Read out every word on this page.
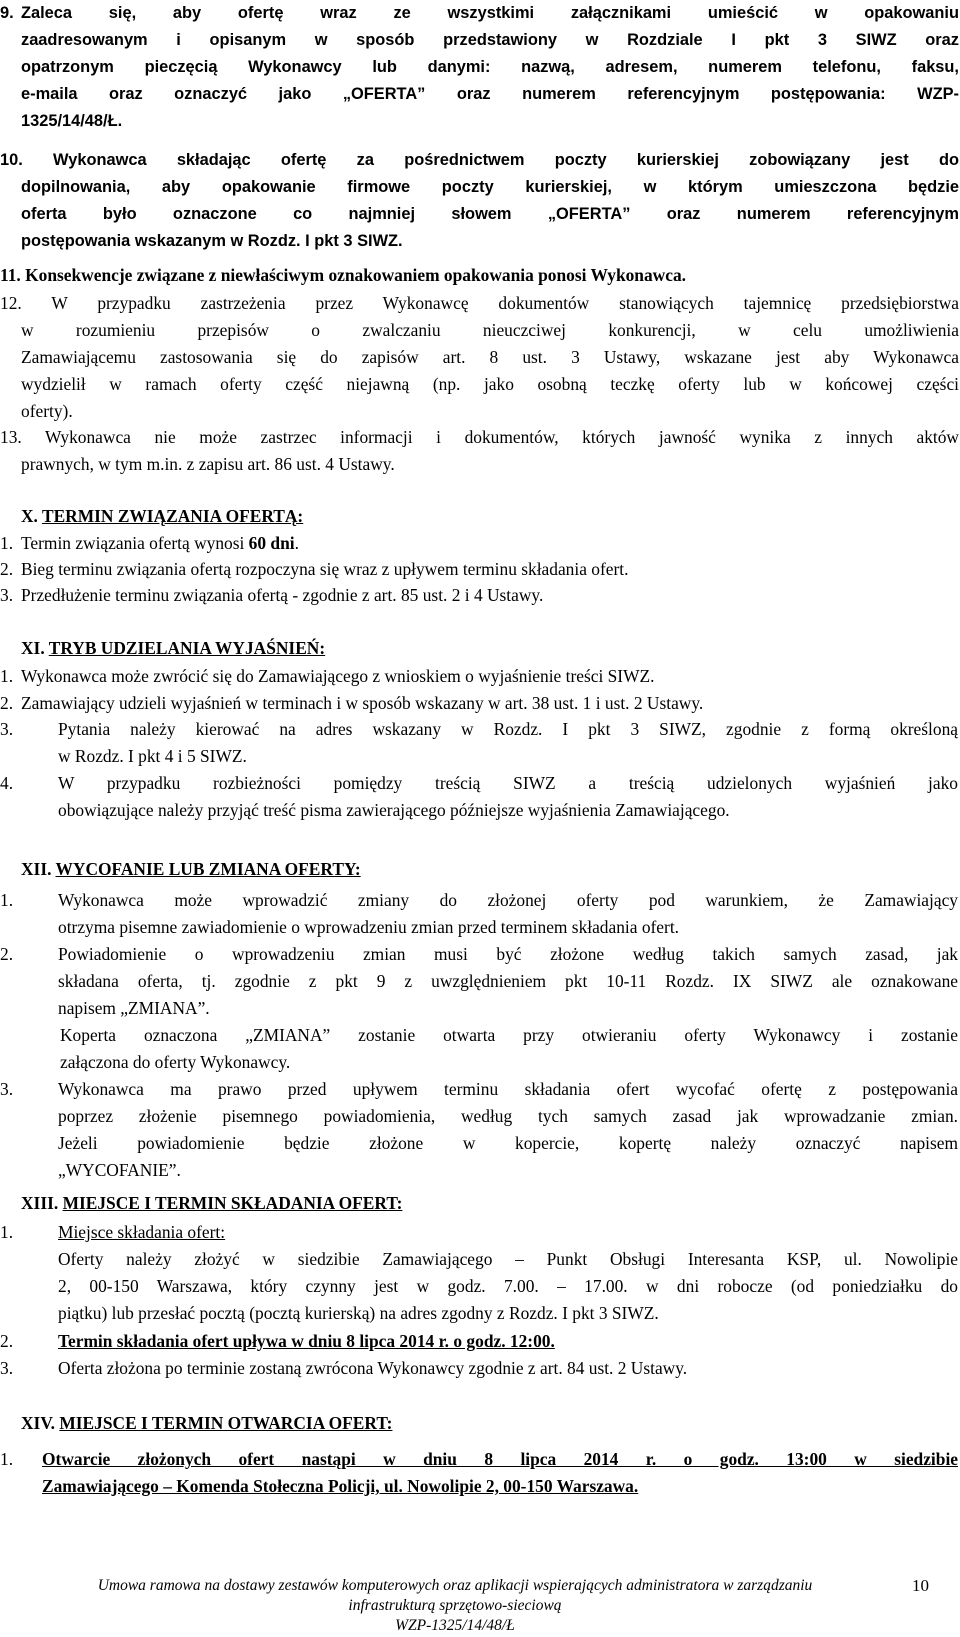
9. Zaleca się, aby ofertę wraz ze wszystkimi załącznikami umieścić w opakowaniu
zaadresowanym i opisanym w sposób przedstawiony w Rozdziale I pkt 3 SIWZ oraz
opatrzonym pieczęcią Wykonawcy lub danymi: nazwą, adresem, numerem telefonu, faksu,
e-maila oraz oznaczyć jako „OFERTA” oraz numerem referencyjnym postępowania: WZP-
1325/14/48/Ł.
10. Wykonawca składając ofertę za pośrednictwem poczty kurierskiej zobowiązany jest do
dopilnowania, aby opakowanie firmowe poczty kurierskiej, w którym umieszczona będzie
oferta było oznaczone co najmniej słowem „OFERTA” oraz numerem referencyjnym
postępowania wskazanym w Rozdz. I pkt 3 SIWZ.
11. Konsekwencje związane z niewłaściwym oznakowaniem opakowania ponosi Wykonawca.
12. W przypadku zastrzeżenia przez Wykonawcę dokumentów stanowiących tajemnicę przedsiębiorstwa
w rozumieniu przepisów o zwalczaniu nieuczciwej konkurencji, w celu umożliwienia
Zamawiającemu zastosowania się do zapisów art. 8 ust. 3 Ustawy, wskazane jest aby Wykonawca
wydzielił w ramach oferty część niejawną (np. jako osobną teczkę oferty lub w końcowej części
oferty).
13. Wykonawca nie może zastrzec informacji i dokumentów, których jawność wynika z innych aktów
prawnych, w tym m.in. z zapisu art. 86 ust. 4 Ustawy.
X. TERMIN ZWIĄZANIA OFERTĄ:
1. Termin związania ofertą wynosi 60 dni.
2. Bieg terminu związania ofertą rozpoczyna się wraz z upływem terminu składania ofert.
3. Przedłużenie terminu związania ofertą - zgodnie z art. 85 ust. 2 i 4 Ustawy.
XI. TRYB UDZIELANIA WYJAŚNIEŃ:
1. Wykonawca może zwrócić się do Zamawiającego z wnioskiem o wyjaśnienie treści SIWZ.
2. Zamawiający udzieli wyjaśnień w terminach i w sposób wskazany w art. 38 ust. 1 i ust. 2 Ustawy.
3.	Pytania należy kierować na adres wskazany w Rozdz. I pkt 3 SIWZ, zgodnie z formą określoną
w Rozdz. I pkt 4 i 5 SIWZ.
4.	W przypadku rozbieżności pomiędzy treścią SIWZ a treścią udzielonych wyjaśnień jako
obowiązujące należy przyjąć treść pisma zawierającego późniejsze wyjaśnienia Zamawiającego.
XII. WYCOFANIE LUB ZMIANA OFERTY:
1.	Wykonawca może wprowadzić zmiany do złożonej oferty pod warunkiem, że Zamawiający
otrzyma pisemne zawiadomienie o wprowadzeniu zmian przed terminem składania ofert.
2.	Powiadomienie o wprowadzeniu zmian musi być złożone według takich samych zasad, jak
składana oferta, tj. zgodnie z pkt 9 z uwzględnieniem pkt 10-11 Rozdz. IX SIWZ ale oznakowane
napisem „ZMIANA”.
Koperta oznaczona „ZMIANA” zostanie otwarta przy otwieraniu oferty Wykonawcy i zostanie
załączona do oferty Wykonawcy.
3.	Wykonawca ma prawo przed upływem terminu składania ofert wycofać ofertę z postępowania
poprzez złożenie pisemnego powiadomienia, według tych samych zasad jak wprowadzanie zmian.
Jeżeli powiadomienie będzie złożone w kopercie, kopertę należy oznaczyć napisem
„WYCOFANIE”.
XIII. MIEJSCE I TERMIN SKŁADANIA OFERT:
1.	Miejsce składania ofert:
Oferty należy złożyć w siedzibie Zamawiającego – Punkt Obsługi Interesanta KSP, ul. Nowolipie
2, 00-150 Warszawa, który czynny jest w godz. 7.00. – 17.00. w dni robocze (od poniedziałku do
piątku) lub przesłać pocztą (pocztą kurierską) na adres zgodny z Rozdz. I pkt 3 SIWZ.
2.	Termin składania ofert upływa w dniu 8 lipca 2014 r. o godz. 12:00.
3.	Oferta złożona po terminie zostaną zwrócona Wykonawcy zgodnie z art. 84 ust. 2 Ustawy.
XIV. MIEJSCE I TERMIN OTWARCIA OFERT:
1. Otwarcie złożonych ofert nastąpi w dniu 8 lipca 2014 r. o godz. 13:00 w siedzibie
Zamawiającego – Komenda Stołeczna Policji, ul. Nowolipie 2, 00-150 Warszawa.
Umowa ramowa na dostawy zestawów komputerowych oraz aplikacji wspierających administratora w zarządzaniu
infrastrukturą sprzętowo-sieciową
WZP-1325/14/48/Ł
10
